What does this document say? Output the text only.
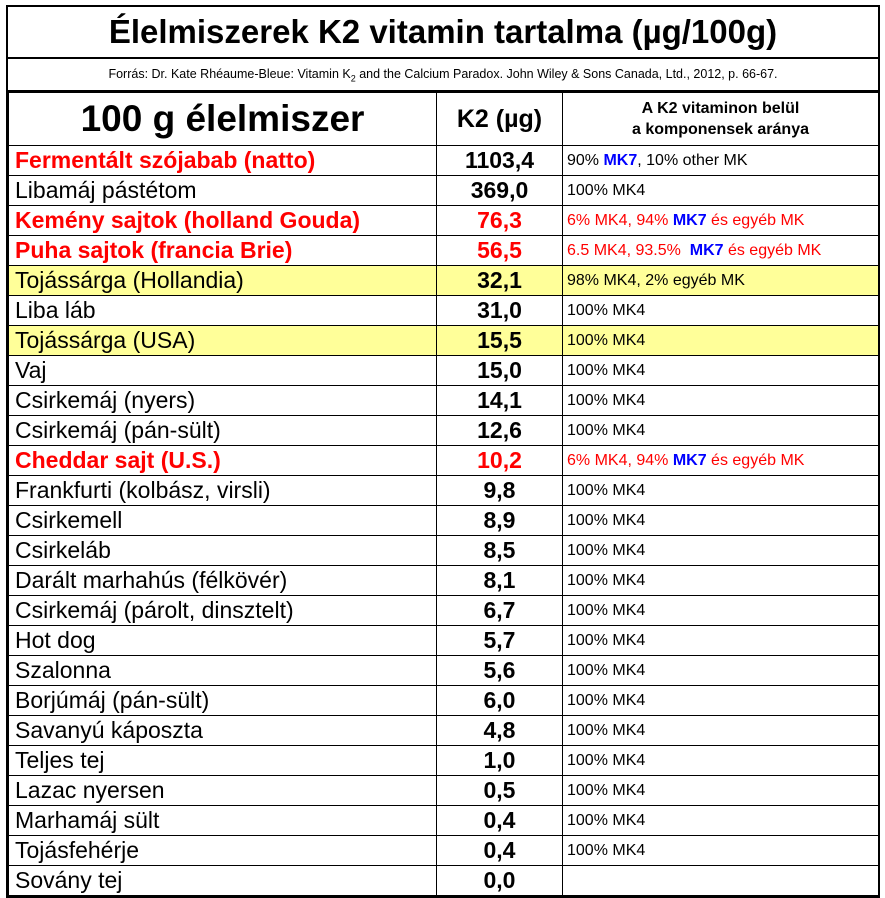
Élelmiszerek K2 vitamin tartalma (µg/100g)
Forrás: Dr. Kate Rhéaume-Bleue: Vitamin $K_2$ and the Calcium Paradox. John Wiley & Sons Canada, Ltd., 2012, p. 66-67.
100 g élelmiszer	K2 (µg)	A K2 vitaminon belül
a komponensek aránya
Fermentált szójabab (natto)	1103,4	90% MK7, 10% other MK
Libamáj pástétom	369,0	100% MK4
Kemény sajtok (holland Gouda)	76,3	6% MK4, 94% MK7 és egyéb MK
Puha sajtok (francia Brie)	56,5	6.5 MK4, 93.5%  MK7 és egyéb MK
Tojássárga (Hollandia)	32,1	98% MK4, 2% egyéb MK
Liba láb	31,0	100% MK4
Tojássárga (USA)	15,5	100% MK4
Vaj	15,0	100% MK4
Csirkemáj (nyers)	14,1	100% MK4
Csirkemáj (pán-sült)	12,6	100% MK4
Cheddar sajt (U.S.)	10,2	6% MK4, 94% MK7 és egyéb MK
Frankfurti (kolbász, virsli)	9,8	100% MK4
Csirkemell	8,9	100% MK4
Csirkeláb	8,5	100% MK4
Darált marhahús (félkövér)	8,1	100% MK4
Csirkemáj (párolt, dinsztelt)	6,7	100% MK4
Hot dog	5,7	100% MK4
Szalonna	5,6	100% MK4
Borjúmáj (pán-sült)	6,0	100% MK4
Savanyú káposzta	4,8	100% MK4
Teljes tej	1,0	100% MK4
Lazac nyersen	0,5	100% MK4
Marhamáj sült	0,4	100% MK4
Tojásfehérje	0,4	100% MK4
Sovány tej	0,0	
